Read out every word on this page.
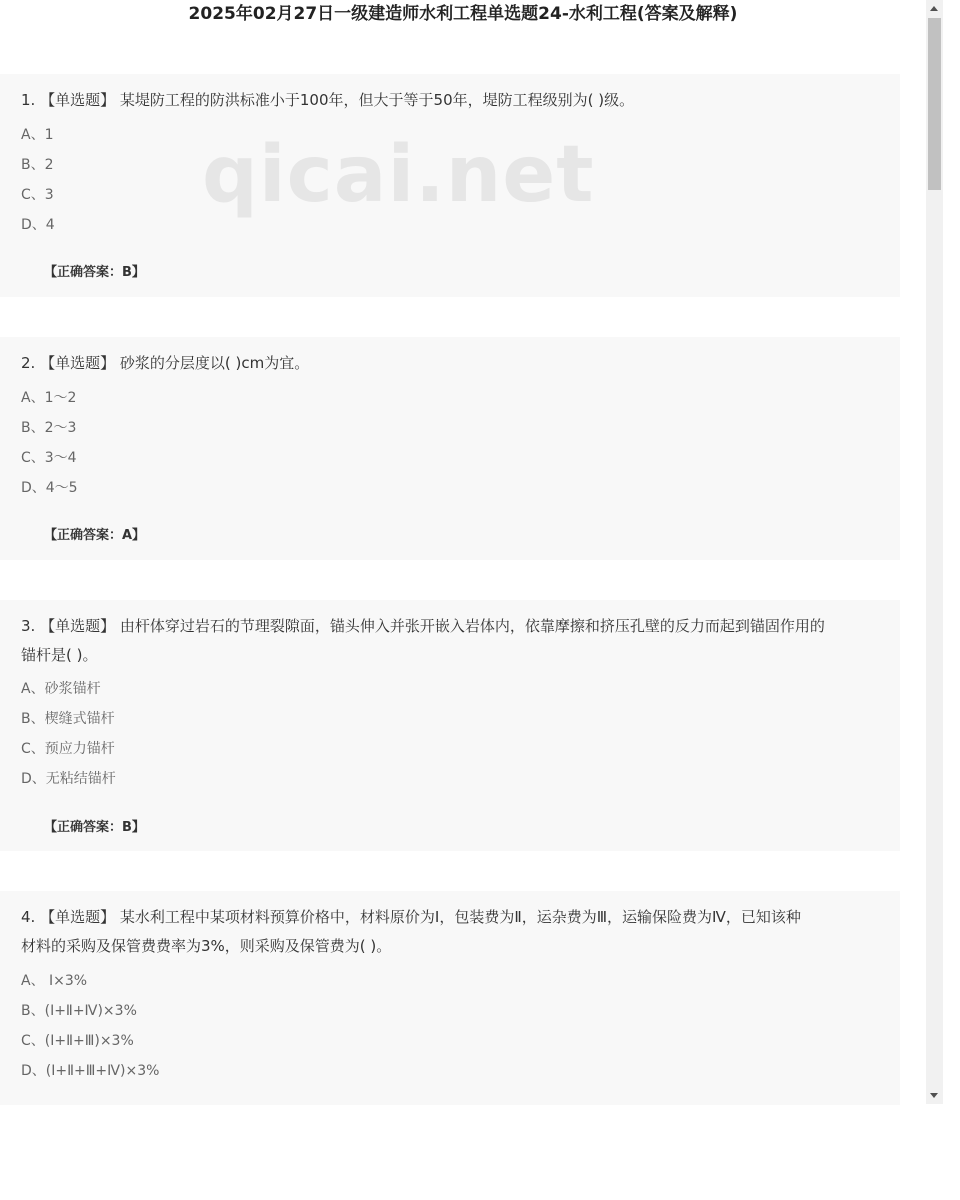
2025年02月27日一级建造师水利工程单选题24-水利工程(答案及解释)
1. 【单选题】 某堤防工程的防洪标准小于100年，但大于等于50年，堤防工程级别为( )级。
A、1
B、2
C、3
D、4
【正确答案：B】
2. 【单选题】 砂浆的分层度以( )cm为宜。
A、1～2
B、2～3
C、3～4
D、4～5
【正确答案：A】
3. 【单选题】 由杆体穿过岩石的节理裂隙面，锚头伸入并张开嵌入岩体内，依靠摩擦和挤压孔壁的反力而起到锚固作用的
锚杆是( )。
A、砂浆锚杆
B、楔缝式锚杆
C、预应力锚杆
D、无粘结锚杆
【正确答案：B】
4. 【单选题】 某水利工程中某项材料预算价格中，材料原价为Ⅰ，包装费为Ⅱ，运杂费为Ⅲ，运输保险费为Ⅳ，已知该种
材料的采购及保管费费率为3%，则采购及保管费为( )。
A、 Ⅰ×3%
B、(Ⅰ+Ⅱ+Ⅳ)×3%
C、(Ⅰ+Ⅱ+Ⅲ)×3%
D、(Ⅰ+Ⅱ+Ⅲ+Ⅳ)×3%
qicai.net
